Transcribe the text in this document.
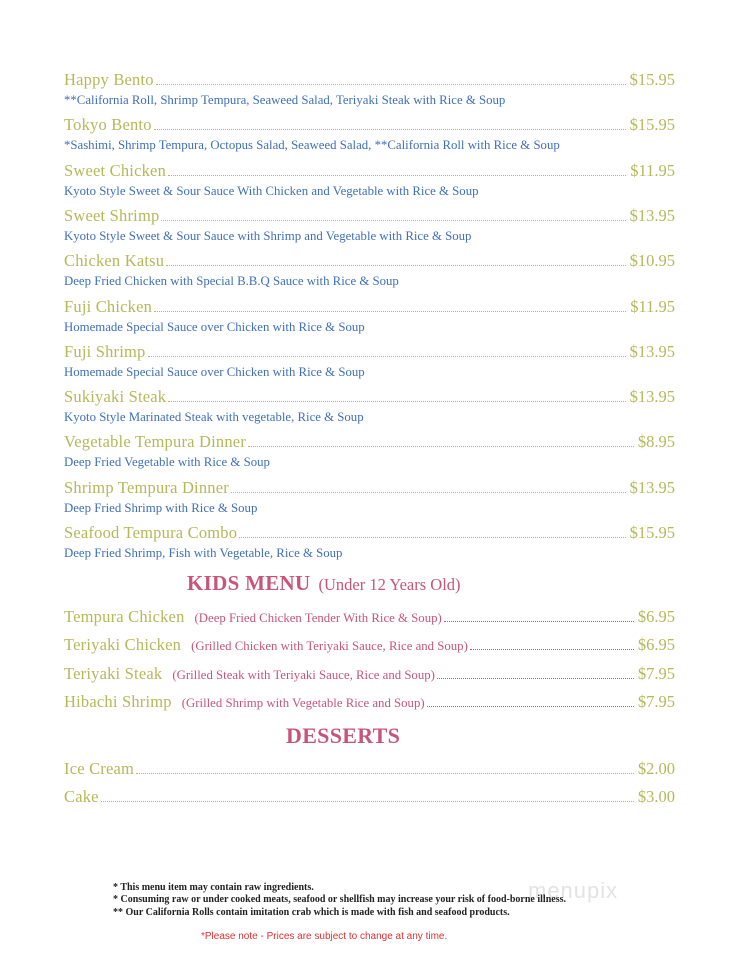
Happy Bento	$15.95
**California Roll, Shrimp Tempura, Seaweed Salad, Teriyaki Steak with Rice & Soup
Tokyo Bento	$15.95
*Sashimi, Shrimp Tempura, Octopus Salad, Seaweed Salad, **California Roll with Rice & Soup
Sweet Chicken	$11.95
Kyoto Style Sweet & Sour Sauce With Chicken and Vegetable with Rice & Soup
Sweet Shrimp	$13.95
Kyoto Style Sweet & Sour Sauce with Shrimp and Vegetable with Rice & Soup
Chicken Katsu	$10.95
Deep Fried Chicken with Special B.B.Q Sauce with Rice & Soup
Fuji Chicken	$11.95
Homemade Special Sauce over Chicken with Rice & Soup
Fuji Shrimp	$13.95
Homemade Special Sauce over Chicken with Rice & Soup
Sukiyaki Steak	$13.95
Kyoto Style Marinated Steak with vegetable, Rice & Soup
Vegetable Tempura Dinner	$8.95
Deep Fried Vegetable with Rice & Soup
Shrimp Tempura Dinner	$13.95
Deep Fried Shrimp with Rice & Soup
Seafood Tempura Combo	$15.95
Deep Fried Shrimp, Fish with Vegetable, Rice & Soup
KIDS MENU (Under 12 Years Old)
Tempura Chicken (Deep Fried Chicken Tender With Rice & Soup)	$6.95
Teriyaki Chicken (Grilled Chicken with Teriyaki Sauce, Rice and Soup)	$6.95
Teriyaki Steak (Grilled Steak with Teriyaki Sauce, Rice and Soup)	$7.95
Hibachi Shrimp (Grilled Shrimp with Vegetable Rice and Soup)	$7.95
DESSERTS
Ice Cream	$2.00
Cake	$3.00
menupix
* This menu item may contain raw ingredients.
* Consuming raw or under cooked meats, seafood or shellfish may increase your risk of food-borne illness.
** Our California Rolls contain imitation crab which is made with fish and seafood products.
*Please note - Prices are subject to change at any time.
